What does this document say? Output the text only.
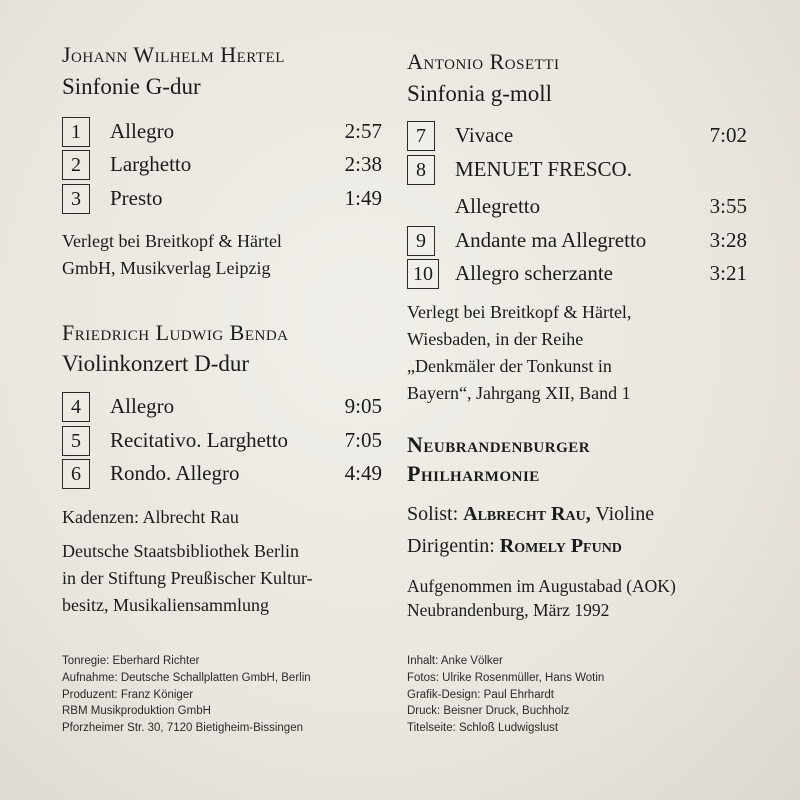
Johann Wilhelm Hertel
Sinfonie G-dur
1	Allegro	2:57
2	Larghetto	2:38
3	Presto	1:49
Verlegt bei Breitkopf & Härtel
GmbH, Musikverlag Leipzig
Friedrich Ludwig Benda
Violinkonzert D-dur
4	Allegro	9:05
5	Recitativo. Larghetto	7:05
6	Rondo. Allegro	4:49
Kadenzen: Albrecht Rau
Deutsche Staatsbibliothek Berlin
in der Stiftung Preußischer Kultur-
besitz, Musikaliensammlung
Antonio Rosetti
Sinfonia g-moll
7	Vivace	7:02
8	MENUET FRESCO.
Allegretto	3:55
9	Andante ma Allegretto	3:28
10 Allegro scherzante	3:21
Verlegt bei Breitkopf & Härtel,
Wiesbaden, in der Reihe
„Denkmäler der Tonkunst in
Bayern“, Jahrgang XII, Band 1
Neubrandenburger
Philharmonie
Solist: Albrecht Rau, Violine
Dirigentin: Romely Pfund
Aufgenommen im Augustabad (AOK)
Neubrandenburg, März 1992
Tonregie: Eberhard Richter
Aufnahme: Deutsche Schallplatten GmbH, Berlin
Produzent: Franz Königer
RBM Musikproduktion GmbH
Pforzheimer Str. 30, 7120 Bietigheim-Bissingen
Inhalt: Anke Völker
Fotos: Ulrike Rosenmüller, Hans Wotin
Grafik-Design: Paul Ehrhardt
Druck: Beisner Druck, Buchholz
Titelseite: Schloß Ludwigslust
